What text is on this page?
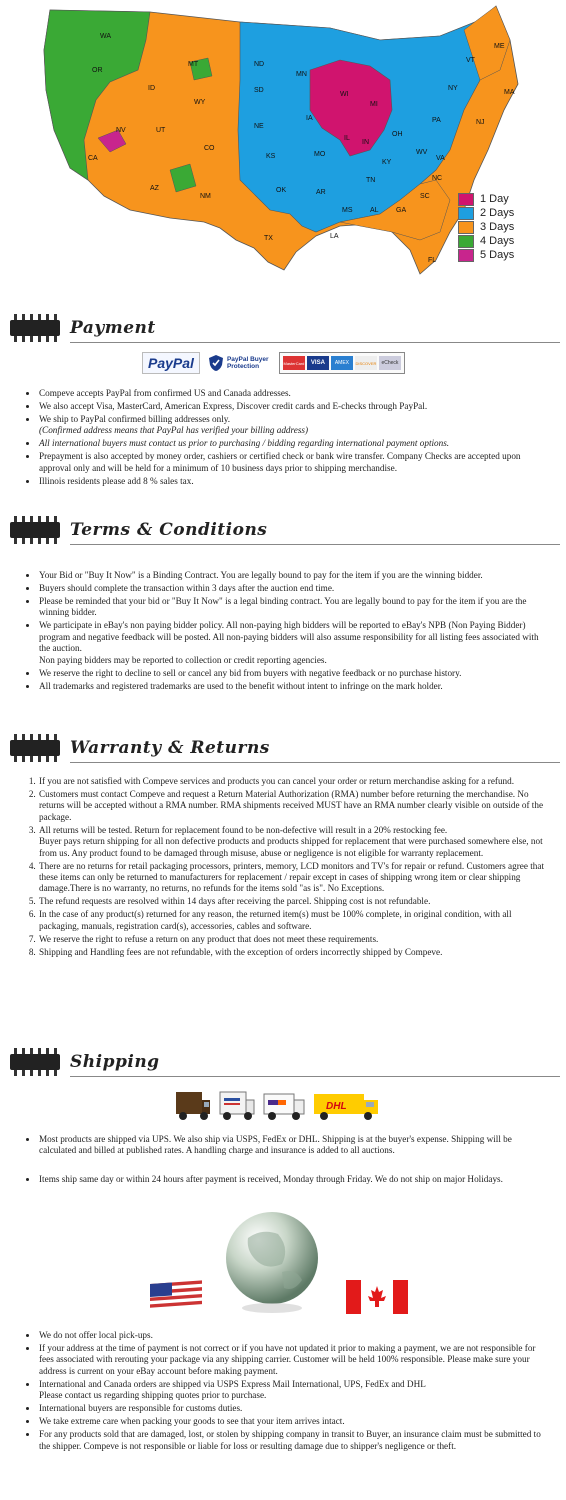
WA
OR
CA
NV
ID
MT
WY
UT
AZ
CO
NM
ND
SD
NE
KS
OK
TX
MN
IA
MO
AR
LA
WI
IL
MI
IN
OH
KY
TN
MS	AL GA
FL
SC
NC
VA
WV
PA
NY
VT
ME
MA
NJ
1 Day
2 Days
3 Days
4 Days
5 Days
Payment
PayPal	PayPal Buyer Protection	MasterCard	VISA	AMEX	DISCOVER	eCheck
• Compeve accepts PayPal from confirmed US and Canada addresses.
• We also accept Visa, MasterCard, American Express, Discover credit cards and E-checks through PayPal.
• We ship to PayPal confirmed billing addresses only.
(Confirmed address means that PayPal has verified your billing address)
• All international buyers must contact us prior to purchasing / bidding regarding international payment options.
• Prepayment is also accepted by money order, cashiers or certified check or bank wire transfer. Company Checks are accepted upon approval only and will be held for a minimum of 10 business days prior to shipping merchandise.
• Illinois residents please add 8 % sales tax.
Terms & Conditions
• Your Bid or "Buy It Now" is a Binding Contract. You are legally bound to pay for the item if you are the winning bidder.
• Buyers should complete the transaction within 3 days after the auction end time.
• Please be reminded that your bid or "Buy It Now" is a legal binding contract. You are legally bound to pay for the item if you are the winning bidder.
• We participate in eBay's non paying bidder policy. All non-paying high bidders will be reported to eBay's NPB (Non Paying Bidder) program and negative feedback will be posted. All non-paying bidders will also assume responsibility for all listing fees associated with the auction.
Non paying bidders may be reported to collection or credit reporting agencies.
• We reserve the right to decline to sell or cancel any bid from buyers with negative feedback or no purchase history.
• All trademarks and registered trademarks are used to the benefit without intent to infringe on the mark holder.
Warranty & Returns
1. If you are not satisfied with Compeve services and products you can cancel your order or return merchandise asking for a refund.
2. Customers must contact Compeve and request a Return Material Authorization (RMA) number before returning the merchandise. No returns will be accepted without a RMA number. RMA shipments received MUST have an RMA number clearly visible on outside of the package.
3. All returns will be tested. Return for replacement found to be non-defective will result in a 20% restocking fee.
Buyer pays return shipping for all non defective products and products shipped for replacement that were purchased somewhere else, not from us. Any product found to be damaged through misuse, abuse or negligence is not eligible for warranty replacement.
4. There are no returns for retail packaging processors, printers, memory, LCD monitors and TV's for repair or refund. Customers agree that these items can only be returned to manufacturers for replacement / repair except in cases of shipping wrong item or clear shipping damage.There is no warranty, no returns, no refunds for the items sold "as is". No Exceptions.
5. The refund requests are resolved within 14 days after receiving the parcel. Shipping cost is not refundable.
6. In the case of any product(s) returned for any reason, the returned item(s) must be 100% complete, in original condition, with all packaging, manuals, registration card(s), accessories, cables and software.
7. We reserve the right to refuse a return on any product that does not meet these requirements.
8. Shipping and Handling fees are not refundable, with the exception of orders incorrectly shipped by Compeve.
Shipping
DHL
• Most products are shipped via UPS. We also ship via USPS, FedEx or DHL. Shipping is at the buyer's expense. Shipping will be calculated and billed at published rates. A handling charge and insurance is added to all auctions.
• Items ship same day or within 24 hours after payment is received, Monday through Friday. We do not ship on major Holidays.
• We do not offer local pick-ups.
• If your address at the time of payment is not correct or if you have not updated it prior to making a payment, we are not responsible for fees associated with rerouting your package via any shipping carrier. Customer will be held 100% responsible. Please make sure your address is current on your eBay account before making payment.
• International and Canada orders are shipped via USPS Express Mail International, UPS, FedEx and DHL
Please contact us regarding shipping quotes prior to purchase.
• International buyers are responsible for customs duties.
• We take extreme care when packing your goods to see that your item arrives intact.
• For any products sold that are damaged, lost, or stolen by shipping company in transit to Buyer, an insurance claim must be submitted to the shipper. Compeve is not responsible or liable for loss or resulting damage due to shipper's negligence or theft.
